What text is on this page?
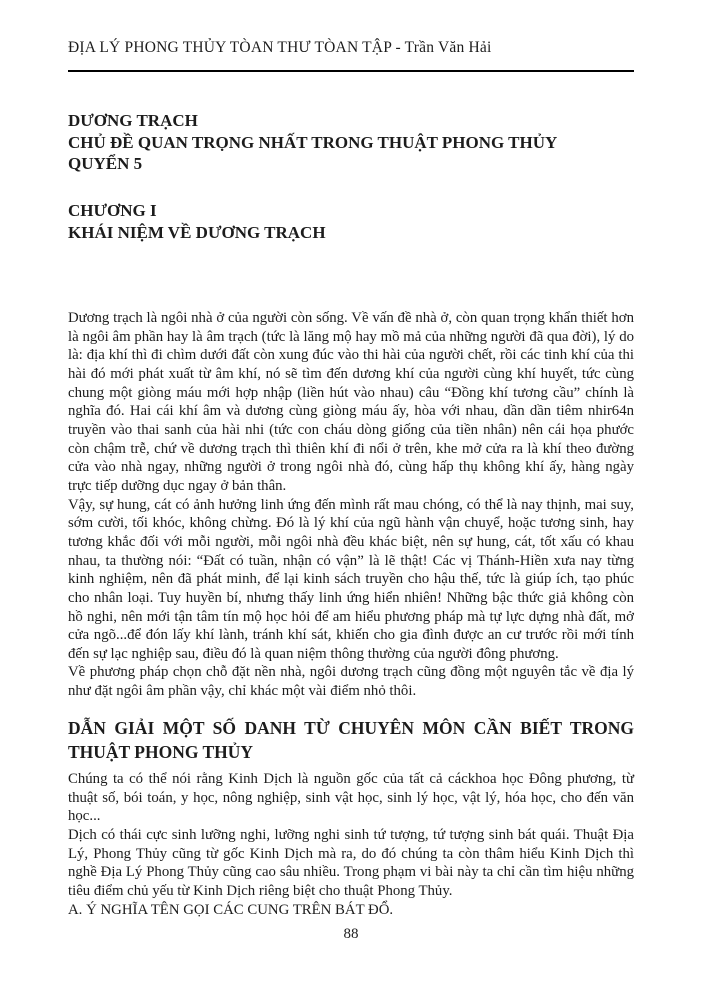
ĐỊA LÝ PHONG THỦY TÒAN THƯ TÒAN TẬP - Trần Văn Hải
DƯƠNG TRẠCH
CHỦ ĐỀ QUAN TRỌNG NHẤT TRONG THUẬT PHONG THỦY
QUYỂN 5
CHƯƠNG I
KHÁI NIỆM VỀ DƯƠNG TRẠCH

Dương trạch là ngôi nhà ở của người còn sống. Về vấn đề nhà ở, còn quan trọng khẩn thiết hơn là ngôi âm phần hay là âm trạch (tức là lăng mộ hay mồ mả của những người đã qua đời), lý do là: địa khí thì đi chìm dưới đất còn xung đúc vào thi hài của người chết, rồi các tinh khí của thi hài đó mới phát xuất từ âm khí, nó sẽ tìm đến dương khí của người cùng khí huyết, tức cùng chung một giòng máu mới hợp nhập (liền hút vào nhau) câu “Đồng khí tương cầu” chính là nghĩa đó. Hai cái khí âm và dương cùng giòng máu ấy, hòa với nhau, dần dần tiêm nhir64n truyền vào thai sanh của hài nhi (tức con cháu dòng giống của tiền nhân) nên cái họa phước còn chậm trễ, chứ về dương trạch thì thiên khí đi nổi ở trên, khe mở cửa ra là khí theo đường cửa vào nhà ngay, những người ở trong ngôi nhà đó, cùng hấp thụ không khí ấy, hàng ngày trực tiếp dưỡng dục ngay ở bản thân.

Vậy, sự hung, cát có ảnh hưởng linh ứng đến mình rất mau chóng, có thể là nay thịnh, mai suy, sớm cười, tối khóc, không chừng. Đó là lý khí của ngũ hành vận chuyể, hoặc tương sinh, hay tương khắc đối với mỗi người, mỗi ngôi nhà đều khác biệt, nên sự hung, cát, tốt xấu có khau nhau, ta thường nói: “Đất có tuần, nhận có vận” là lẽ thật! Các vị Thánh-Hiền xưa nay từng kinh nghiệm, nên đã phát minh, để lại kinh sách truyền cho hậu thế, tức là giúp ích, tạo phúc cho nhân loại. Tuy huyền bí, nhưng thấy linh ứng hiển nhiên! Những bậc thức giả không còn hồ nghi, nên mới tận tâm tín mộ học hỏi để am hiểu phương pháp mà tự lực dựng nhà đất, mở cửa ngõ...để đón lấy khí lành, tránh khí sát, khiến cho gia đình được an cư trước rồi mới tính đến sự lạc nghiệp sau, điều đó là quan niệm thông thường của người đông phương.

Về phương pháp chọn chỗ đặt nền nhà, ngôi dương trạch cũng đồng một nguyên tắc về địa lý như đặt ngôi âm phần vậy, chỉ khác một vài điểm nhỏ thôi.

DẪN GIẢI MỘT SỐ DANH TỪ CHUYÊN MÔN CẦN BIẾT TRONG THUẬT PHONG THỦY

Chúng ta có thể nói rằng Kinh Dịch là nguồn gốc của tất cả cáckhoa học Đông phương, từ thuật số, bói toán, y học, nông nghiệp, sinh vật học, sinh lý học, vật lý, hóa học, cho đến văn học...

Dịch có thái cực sinh lưỡng nghi, lưỡng nghi sinh tứ tượng, tứ tượng sinh bát quái. Thuật Địa Lý, Phong Thủy cũng từ gốc Kinh Dịch mà ra, do đó chúng ta còn thâm hiểu Kinh Dịch thì nghề Địa Lý Phong Thủy cũng cao sâu nhiều. Trong phạm vi bài này ta chỉ cần tìm hiệu những tiêu điểm chủ yếu từ Kinh Dịch riêng biệt cho thuật Phong Thủy.

A. Ý NGHĨA TÊN GỌI CÁC CUNG TRÊN BÁT ĐỔ.

88
